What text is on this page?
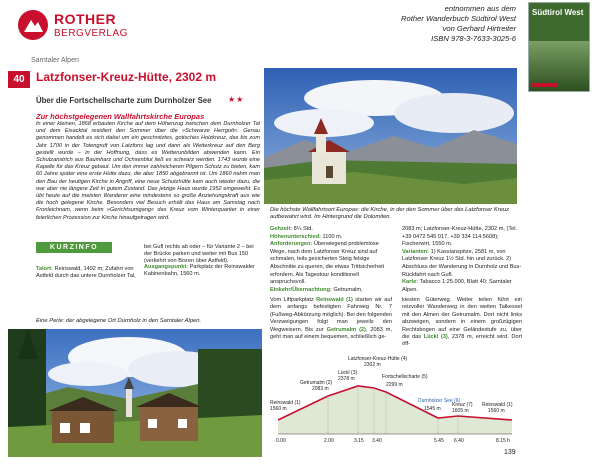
ROTHER
BERGVERLAG
entnommen aus dem
Rother Wanderbuch Südtirol West
von Gerhard Hirtreiter
ISBN 978-3-7633-3025-6
Südtirol West
Sarntaler Alpen
40 Latzfonser-Kreuz-Hütte, 2302 m
Über die Fortschellscharte zum Durnholzer See ★★
Zur höchstgelegenen Wallfahrtskirche Europas
In einer kleinen, 1868 erbauten Kirche auf dem Höhenzug zwischen dem Durnholzer Tal und dem Eisacktal residiert den Sommer über die »Schwarze Herrgott«. Genau genommen handelt es sich dabei um ein geschnitztes, gotisches Holzkreuz, das bis zum Jahr 1700 in der Totengruft von Latzfons lag und dann als Wetterkreuz auf den Berg gestellt wurde – in der Hoffnung, dass es Wetterunbilden abwenden kann. Ein Schutzanstrich aus Baumharz und Ochsenblut ließ es schwarz werden. 1743 wurde eine Kapelle für das Kreuz gebaut. Um den immer zahlreicheren Pilgern Schutz zu bieten, kam 60 Jahre später eine erste Hütte dazu, die aber 1850 abgebrannt ist. Um 1860 nahm man den Bau der heutigen Kirche in Angriff, eine neue Schutzhütte kam auch wieder dazu, die war aber nie längere Zeit in gutem Zustand. Das jetzige Haus wurde 1952 eingeweiht. Es übt heute auf die meisten Wanderer eine mindestens so große Anziehungskraft aus wie die hoch gelegene Kirche. Besonders viel Besuch erhält das Haus am Samstag nach Fronleichnam, wenn beim »Gerichtsumgang« das Kreuz vom Winterquartier in einer feierlichen Prozession zur Kirche hinaufgetragen wird.
KURZINFO
Talort: Reinswald, 1492 m; Zufahrt von Astfeld durch das untere Durnholzer Tal,
bei Gufl rechts ab oder – für Variante 2 – bei der Brücke parken und weiter mit Bus 150 (verkehrt von Bozen über Astfeld). Ausgangspunkt: Parkplatz der Reinswalder Kabinenbahn, 1560 m.
Eine Perle: der abgelegene Ort Durnholz in den Sarntaler Alpen.
Die höchste Wallfahrtsort Europas: die Kirche, in der den Sommer über das Latzfonser Kreuz aufbewahrt wird. Im Hintergrund die Dolomiten.
Gehzeit: 8¼ Std.
Höhenunterschied: 1100 m.
Anforderungen: Überwiegend problemlose Wege, nach dem Latzfonser Kreuz sind auf schmalen, teils gesicherten Steig felsige Abschnitte zu queren, die etwas Trittsicherheit erfordern. Als Tagestour konditionell anspruchsvoll.
Einkehr/Übernachtung: Getrumalm,
2083 m; Latzfonser-Kreuz-Hütte, 2302 m, (Tel. +39 0472 545 017, +39 334 114 5608); Fischerwirt, 1550 m.
Varianten: 1) Kassianspitze, 2581 m, von Latzfonser Kreuz 1½ Std. hin und zurück. 2) Abschluss der Wanderung in Durnholz und Bus-Rückfahrt nach Gufl.
Karte: Tabacco 1:25.000, Blatt 40: Sarntaler Alpen.
Vom Liftparkplatz Reinswald (1) starten wir auf dem anfangs befestigten Fahrweg Nr. 7 (Fußweg-Abkürzung möglich). Bei den folgenden Verzweigungen folgt man jeweils den Wegweisern. Bis zur Getrumalm (2), 2083 m, geht man auf einem bequemen, schließlich ge-
kiesten Güterweg. Weiter teilen führt ein reizvoller Wanderweg in den weiten Talkessel mit den Almen der Getrumalm. Dort nicht links abzweigen, sondern in einem großzügigen Rechtsbogen auf eine Geländestufe zu, über die das Lückl (3), 2378 m, erreicht wird. Dort öff-
Reinswald (1)
1560 m
Getrumalm (2)
2083 m
Lückl (3)
2378 m
Latzfonser-Kreuz-Hütte (4)
2302 m
Fortschellscharte (5)
2299 m
Durnholzer See (6)
1545 m
Kreuz (7)
1605 m
Reinswald (1)
1560 m
0.00	2.00	3.15 3.40	5.45 6.40	8.15 h
139
